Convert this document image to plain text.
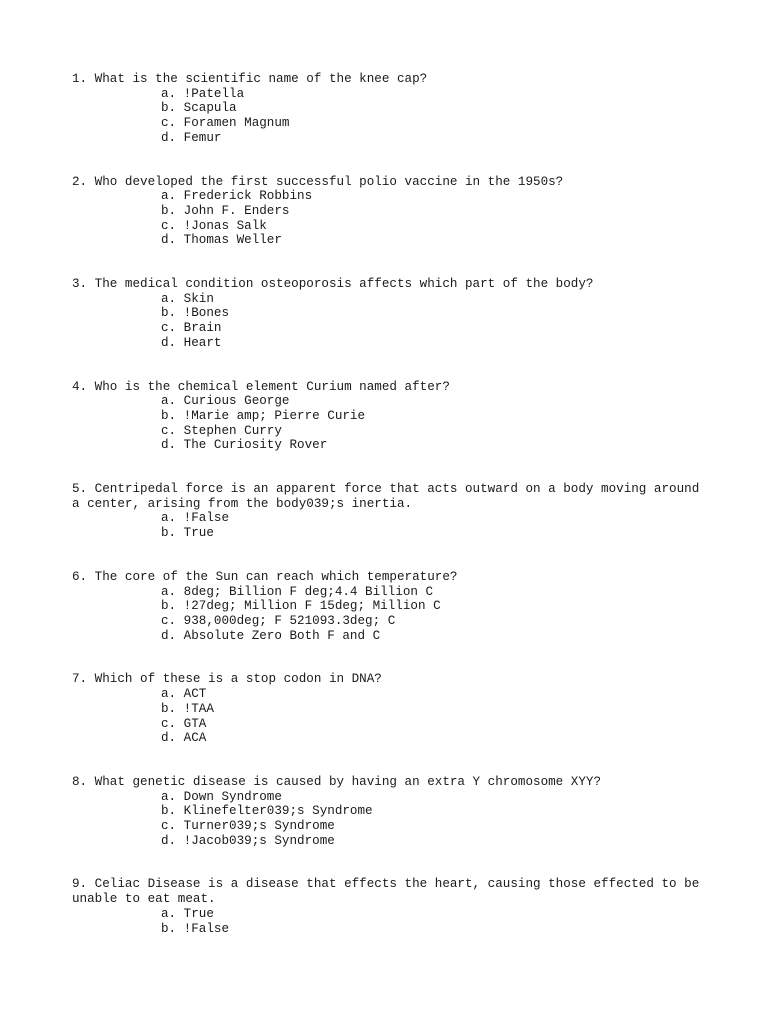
1. What is the scientific name of the knee cap?

a. !Patella
b. Scapula
c. Foramen Magnum
d. Femur

2. Who developed the first successful polio vaccine in the 1950s?

a. Frederick Robbins
b. John F. Enders
c. !Jonas Salk
d. Thomas Weller

3. The medical condition osteoporosis affects which part of the body?

a. Skin
b. !Bones
c. Brain
d. Heart

4. Who is the chemical element Curium named after?

a. Curious George
b. !Marie amp; Pierre Curie
c. Stephen Curry
d. The Curiosity Rover

5. Centripedal force is an apparent force that acts outward on a body moving around a center, arising from the body039;s inertia.

a. !False
b. True

6. The core of the Sun can reach which temperature?

a. 8deg; Billion F deg;4.4 Billion C
b. !27deg; Million F 15deg; Million C
c. 938,000deg; F 521093.3deg; C
d. Absolute Zero Both F and C

7. Which of these is a stop codon in DNA?

a. ACT
b. !TAA
c. GTA
d. ACA

8. What genetic disease is caused by having an extra Y chromosome XYY?

a. Down Syndrome
b. Klinefelter039;s Syndrome
c. Turner039;s Syndrome
d. !Jacob039;s Syndrome

9. Celiac Disease is a disease that effects the heart, causing those effected to be unable to eat meat.

a. True
b. !False
